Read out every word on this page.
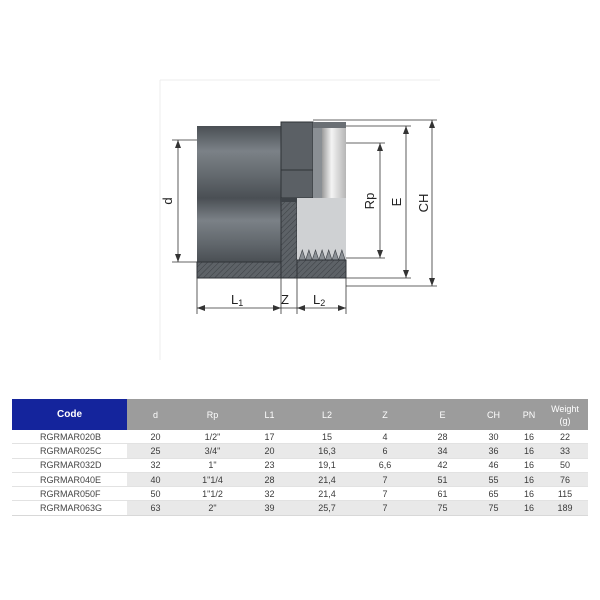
d	Rp E CH
L1	Z L2
Code	d	Rp	L1	L2	Z	E	CH	PN	Weight
(g)

RGRMAR020B	20	1/2"	17	15	4	28	30	16	22
RGRMAR025C	25	3/4"	20	16,3	6	34	36	16	33
RGRMAR032D	32	1"	23	19,1	6,6	42	46	16	50
RGRMAR040E	40	1"1/4	28	21,4	7	51	55	16	76
RGRMAR050F	50	1"1/2	32	21,4	7	61	65	16	115
RGRMAR063G	63	2"	39	25,7	7	75	75	16	189
